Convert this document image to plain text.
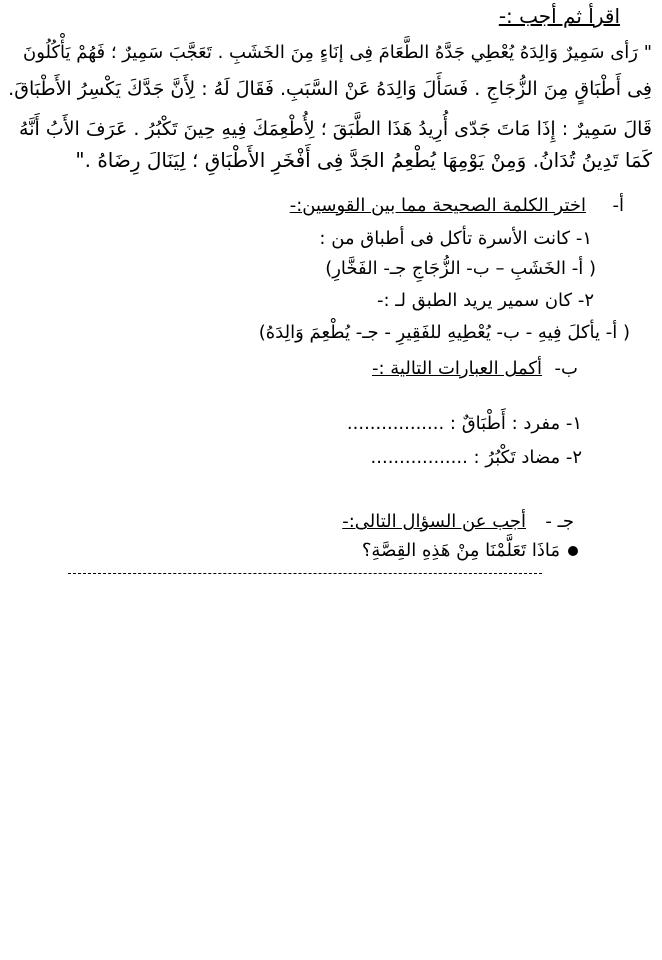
اقرأ ثم أجب :-
" رَأى سَمِيرٌ وَالِدَهُ يُعْطِي جَدَّهُ الطَّعَامَ فِى إنَاءٍ مِنَ الخَشَبِ . تَعَجَّبَ سَمِيرٌ ؛ فَهُمْ يَأْكُلُونَ
فِى أَطْبَاقٍ مِنَ الزُّجَاجِ . فَسَأَلَ وَالِدَهُ عَنْ السَّبَبِ. فَقَالَ لَهُ : لِأَنَّ جَدَّكَ يَكْسِرُ الأَطْبَاقَ.
قَالَ سَمِيرٌ : إِذَا مَاتَ جَدّى أُرِيدُ هَذَا الطَّبَقَ ؛ لِأُطْعِمَكَ فِيهِ حِينَ تَكْبُرُ . عَرَفَ الأَبُ أَنَّهُ
كَمَا تَدِينُ تُدَانُ. وَمِنْ يَوْمِهَا يُطْعِمُ الجَدَّ فِى أَفْخَرِ الأَطْبَاقِ ؛ لِيَنَالَ رِضَاهُ ."
أ-
اختر الكلمة الصحيحة مما بين القوسين:-
١- كانت الأسرة تأكل فى أطباق من :
( أ- الخَشَبِ – ب- الزُّجَاجِ جـ- الفَخَّارِ)
٢- كان سمير يريد الطبق لـ :-
( أ- يأكلَ فِيهِ - ب- يُعْطِيهِ للفَقِيرِ - جـ- يُطْعِمَ وَالِدَهُ)
ب-
أكمل العبارات التالية :-
١- مفرد : أَطْبَاقٌ : .................
٢- مضاد تَكْبُرُ : .................
جـ -
أجب عن السؤال التالى:-
مَاذَا تَعَلَّمْنَا مِنْ هَذِهِ القِصَّةِ؟
